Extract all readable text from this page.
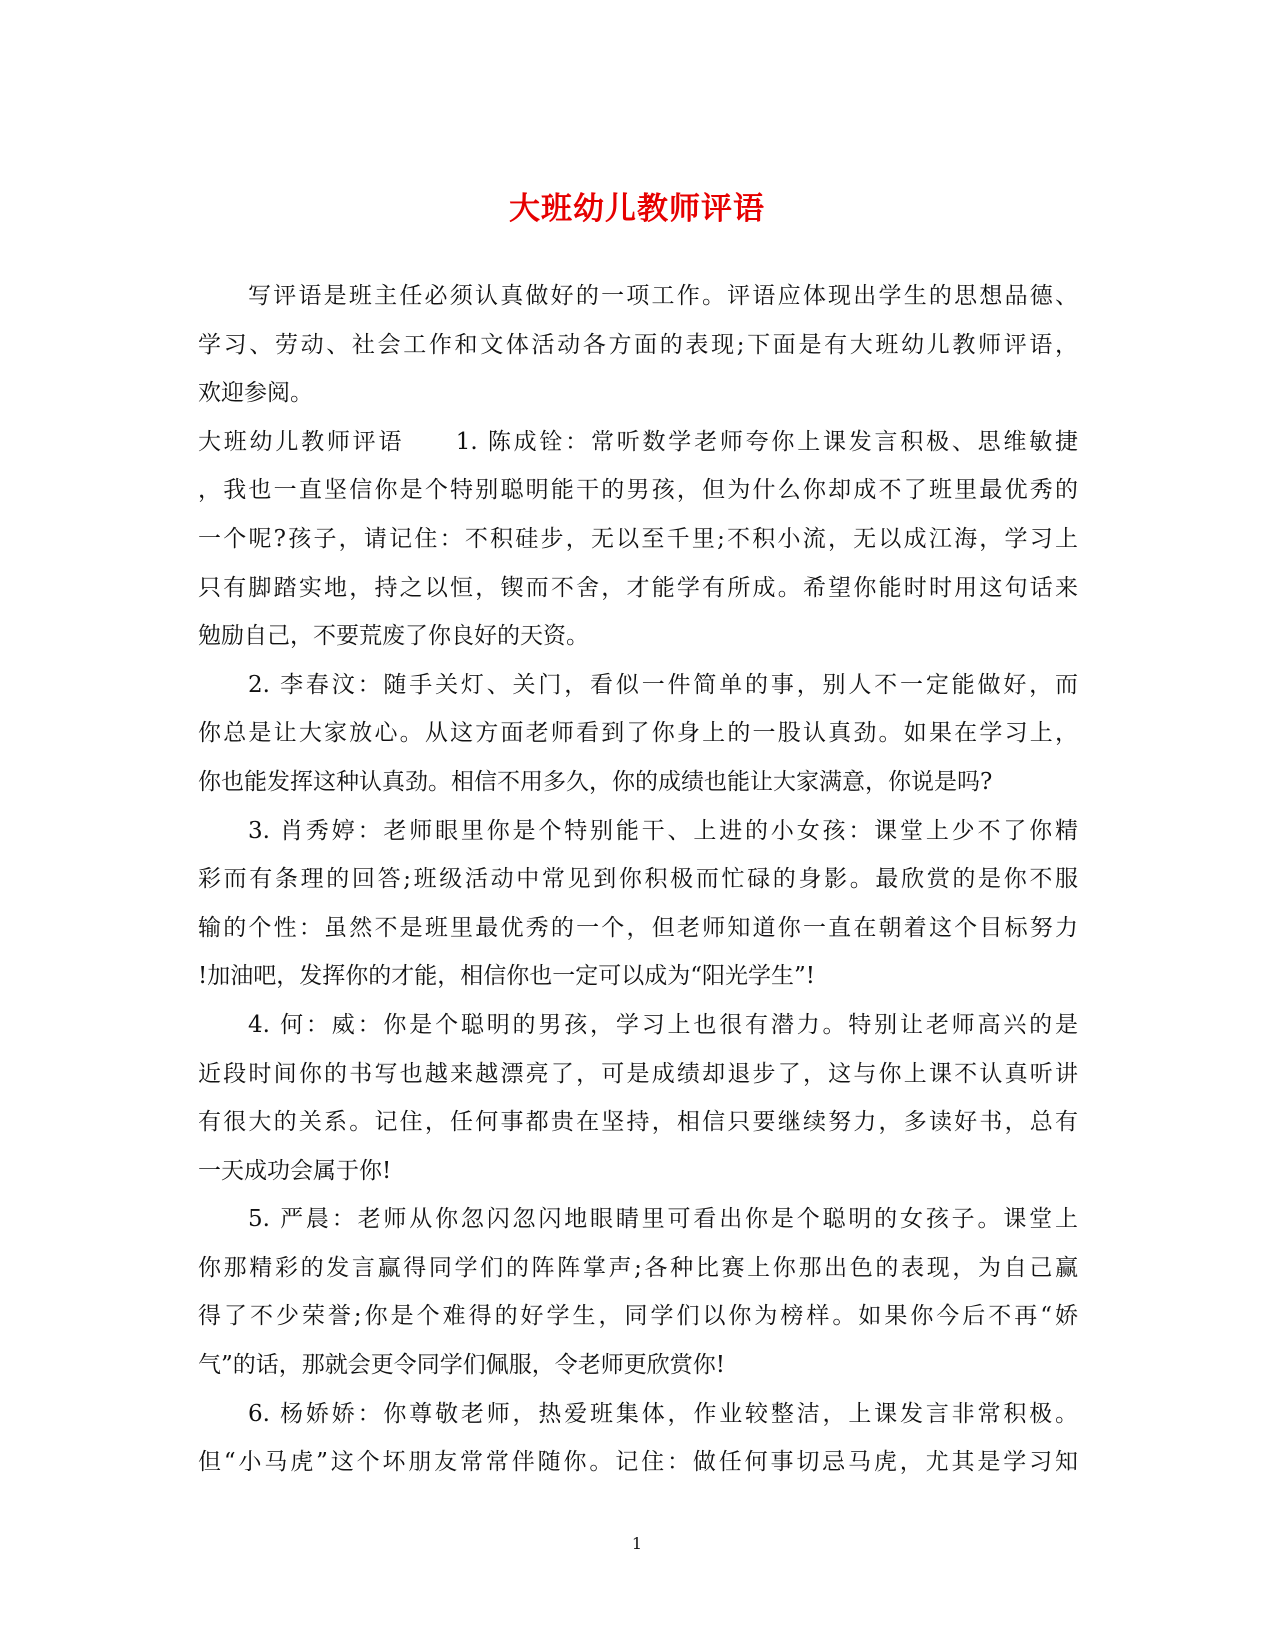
大班幼儿教师评语

写评语是班主任必须认真做好的一项工作。评语应体现出学生的思想品德、
学习、劳动、社会工作和文体活动各方面的表现;下面是有大班幼儿教师评语，
欢迎参阅。

大班幼儿教师评语　　1. 陈成铨：常听数学老师夸你上课发言积极、思维敏捷
，我也一直坚信你是个特别聪明能干的男孩，但为什么你却成不了班里最优秀的
一个呢?孩子，请记住：不积硅步，无以至千里;不积小流，无以成江海，学习上
只有脚踏实地，持之以恒，锲而不舍，才能学有所成。希望你能时时用这句话来
勉励自己，不要荒废了你良好的天资。

2. 李春汶：随手关灯、关门，看似一件简单的事，别人不一定能做好，而
你总是让大家放心。从这方面老师看到了你身上的一股认真劲。如果在学习上，
你也能发挥这种认真劲。相信不用多久，你的成绩也能让大家满意，你说是吗?

3. 肖秀婷：老师眼里你是个特别能干、上进的小女孩：课堂上少不了你精
彩而有条理的回答;班级活动中常见到你积极而忙碌的身影。最欣赏的是你不服
输的个性：虽然不是班里最优秀的一个，但老师知道你一直在朝着这个目标努力
!加油吧，发挥你的才能，相信你也一定可以成为“阳光学生”!

4. 何：威：你是个聪明的男孩，学习上也很有潜力。特别让老师高兴的是
近段时间你的书写也越来越漂亮了，可是成绩却退步了，这与你上课不认真听讲
有很大的关系。记住，任何事都贵在坚持，相信只要继续努力，多读好书，总有
一天成功会属于你!

5. 严晨：老师从你忽闪忽闪地眼睛里可看出你是个聪明的女孩子。课堂上
你那精彩的发言赢得同学们的阵阵掌声;各种比赛上你那出色的表现，为自己赢
得了不少荣誉;你是个难得的好学生，同学们以你为榜样。如果你今后不再“娇
气”的话，那就会更令同学们佩服，令老师更欣赏你!

6. 杨娇娇：你尊敬老师，热爱班集体，作业较整洁，上课发言非常积极。
但“小马虎”这个坏朋友常常伴随你。记住：做任何事切忌马虎，尤其是学习知

1
